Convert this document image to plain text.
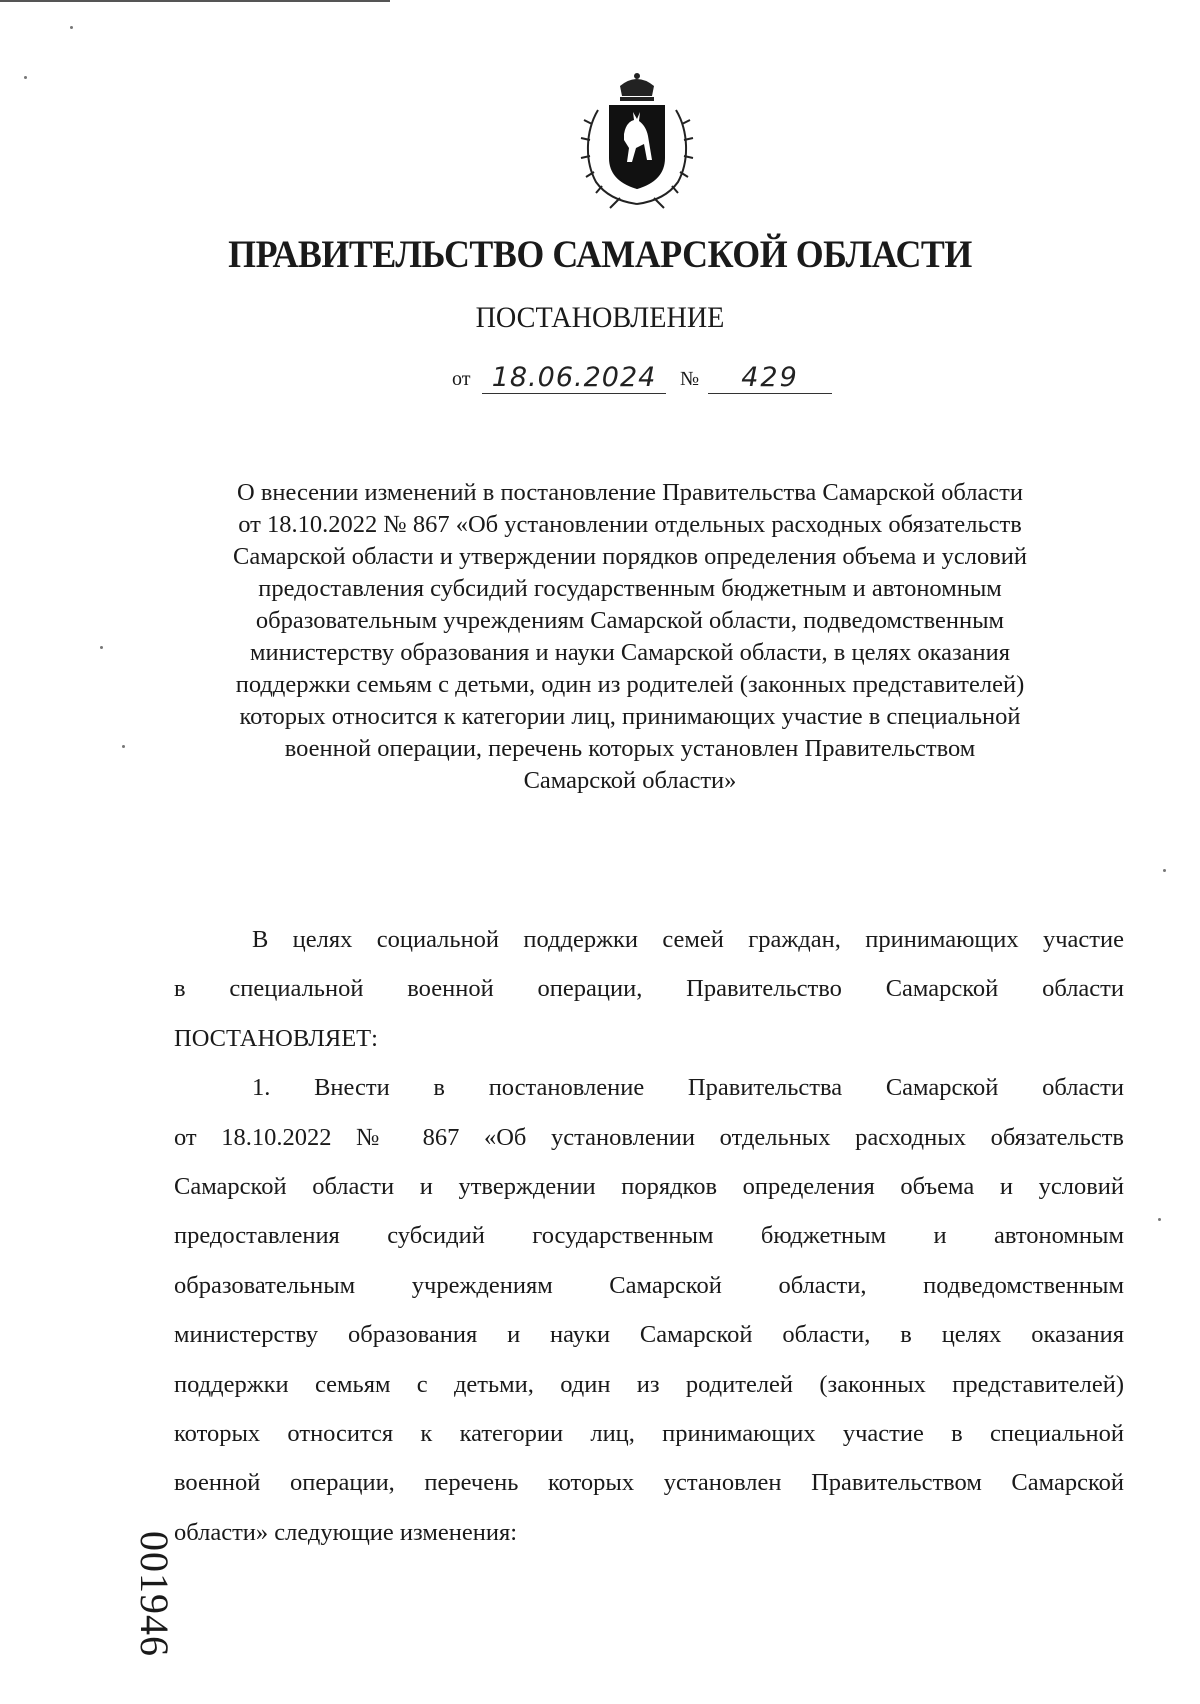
ПРАВИТЕЛЬСТВО САМАРСКОЙ ОБЛАСТИ
ПОСТАНОВЛЕНИЕ
от 18.06.2024	№	429
О внесении изменений в постановление Правительства Самарской области
от 18.10.2022 № 867 «Об установлении отдельных расходных обязательств
Самарской области и утверждении порядков определения объема и условий
предоставления субсидий государственным бюджетным и автономным
образовательным учреждениям Самарской области, подведомственным
министерству образования и науки Самарской области, в целях оказания
поддержки семьям с детьми, один из родителей (законных представителей)
которых относится к категории лиц, принимающих участие в специальной
военной операции, перечень которых установлен Правительством
Самарской области»
В целях социальной поддержки семей граждан, принимающих участие
в специальной военной операции, Правительство Самарской области
ПОСТАНОВЛЯЕТ:
1. Внести в постановление Правительства Самарской области
от 18.10.2022 № 867 «Об установлении отдельных расходных обязательств
Самарской области и утверждении порядков определения объема и условий
предоставления субсидий государственным бюджетным и автономным
образовательным учреждениям Самарской области, подведомственным
министерству образования и науки Самарской области, в целях оказания
поддержки семьям с детьми, один из родителей (законных представителей)
которых относится к категории лиц, принимающих участие в специальной
военной операции, перечень которых установлен Правительством Самарской
области» следующие изменения:
001946
